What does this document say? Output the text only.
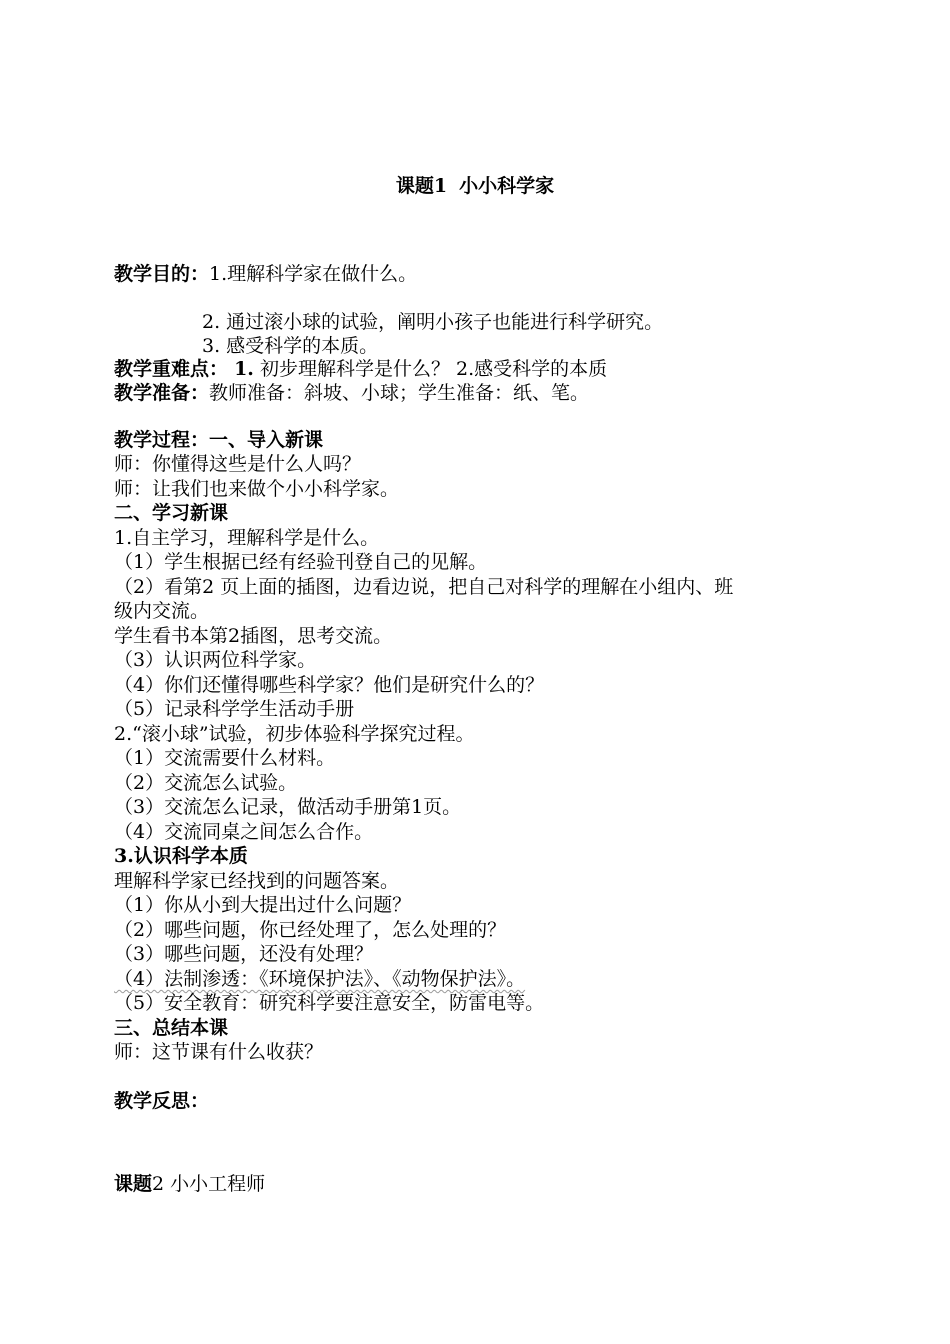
课题1 小小科学家
教学目的：1.理解科学家在做什么。
2. 通过滚小球的试验，阐明小孩子也能进行科学研究。
3. 感受科学的本质。
教学重难点： 1. 初步理解科学是什么？ 2.感受科学的本质
教学准备：教师准备：斜坡、小球；学生准备：纸、笔。
教学过程：一、导入新课
师：你懂得这些是什么人吗？
师：让我们也来做个小小科学家。
二、学习新课
1.自主学习，理解科学是什么。
（1）学生根据已经有经验刊登自己的见解。
（2）看第2 页上面的插图，边看边说，把自己对科学的理解在小组内、班
级内交流。
学生看书本第2插图，思考交流。
（3）认识两位科学家。
（4）你们还懂得哪些科学家？他们是研究什么的？
（5）记录科学学生活动手册
2.“滚小球”试验，初步体验科学探究过程。
（1）交流需要什么材料。
（2）交流怎么试验。
（3）交流怎么记录，做活动手册第1页。
（4）交流同桌之间怎么合作。
3.认识科学本质
理解科学家已经找到的问题答案。
（1）你从小到大提出过什么问题？
（2）哪些问题，你已经处理了，怎么处理的？
（3）哪些问题，还没有处理？
（4）法制渗透：《环境保护法》、《动物保护法》。
（5）安全教育：研究科学要注意安全，防雷电等。
三、总结本课
师：这节课有什么收获？
教学反思：
课题2 小小工程师
